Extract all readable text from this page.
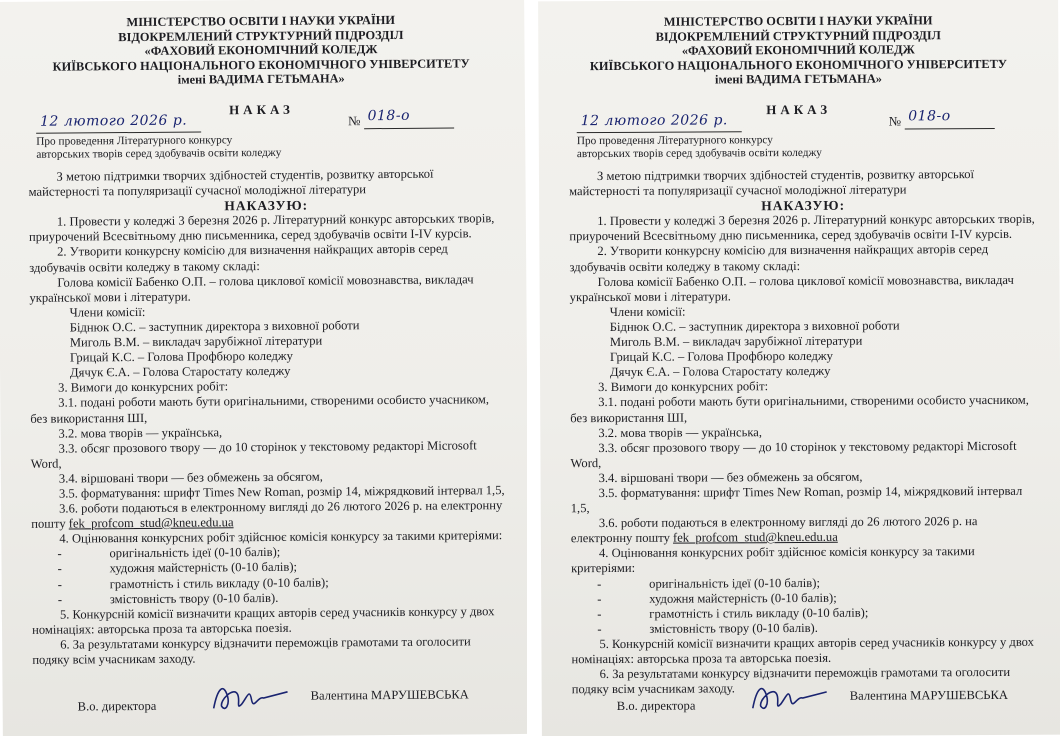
МІНІСТЕРСТВО ОСВІТИ І НАУКИ УКРАЇНИ
ВІДОКРЕМЛЕНИЙ СТРУКТУРНИЙ ПІДРОЗДІЛ
«ФАХОВИЙ ЕКОНОМІЧНИЙ КОЛЕДЖ
КИЇВСЬКОГО НАЦІОНАЛЬНОГО ЕКОНОМІЧНОГО УНІВЕРСИТЕТУ
імені ВАДИМА ГЕТЬМАНА»
НАКАЗ
12 лютого 2026 р.	№ 018-о
Про проведення Літературного конкурсу
авторських творів серед здобувачів освіти коледжу

З метою підтримки творчих здібностей студентів, розвитку авторської майстерності та популяризації сучасної молодіжної літератури

НАКАЗУЮ:

1. Провести у коледжі 3 березня 2026 р. Літературний конкурс авторських творів, приурочений Всесвітньому дню письменника, серед здобувачів освіти І-ІV курсів.

2. Утворити конкурсну комісію для визначення найкращих авторів серед здобувачів освіти коледжу в такому складі:

Голова комісії Бабенко О.П. – голова циклової комісії мовознавства, викладач української мови і літератури.

Члени комісії:

Біднюк О.С. – заступник директора з виховної роботи

Миголь В.М. – викладач зарубіжної літератури

Грицай К.С. – Голова Профбюро коледжу

Дячук Є.А. – Голова Старостату коледжу

3. Вимоги до конкурсних робіт:

3.1. подані роботи мають бути оригінальними, створеними особисто учасником, без використання ШІ,

3.2. мова творів — українська,

3.3. обсяг прозового твору — до 10 сторінок у текстовому редакторі Microsoft Word,

3.4. віршовані твори — без обмежень за обсягом,

3.5. форматування: шрифт Times New Roman, розмір 14, міжрядковий інтервал 1,5,

3.6. роботи подаються в електронному вигляді до 26 лютого 2026 р. на електронну пошту fek_profcom_stud@kneu.edu.ua

4. Оцінювання конкурсних робіт здійснює комісія конкурсу за такими критеріями:

-	оригінальність ідеї (0-10 балів);

-	художня майстерність (0-10 балів);

-	грамотність і стиль викладу (0-10 балів);

-	змістовність твору (0-10 балів).

5. Конкурсній комісії визначити кращих авторів серед учасників конкурсу у двох номінаціях: авторська проза та авторська поезія.

6. За результатами конкурсу відзначити переможців грамотами та оголосити подяку всім учасникам заходу.

В.о. директора
Валентина МАРУШЕВСЬКА
МІНІСТЕРСТВО ОСВІТИ І НАУКИ УКРАЇНИ
ВІДОКРЕМЛЕНИЙ СТРУКТУРНИЙ ПІДРОЗДІЛ
«ФАХОВИЙ ЕКОНОМІЧНИЙ КОЛЕДЖ
КИЇВСЬКОГО НАЦІОНАЛЬНОГО ЕКОНОМІЧНОГО УНІВЕРСИТЕТУ
імені ВАДИМА ГЕТЬМАНА»
НАКАЗ
12 лютого 2026 р.	№ 018-о
Про проведення Літературного конкурсу
авторських творів серед здобувачів освіти коледжу

З метою підтримки творчих здібностей студентів, розвитку авторської майстерності та популяризації сучасної молодіжної літератури

НАКАЗУЮ:

1. Провести у коледжі 3 березня 2026 р. Літературний конкурс авторських творів, приурочений Всесвітньому дню письменника, серед здобувачів освіти І-ІV курсів.

2. Утворити конкурсну комісію для визначення найкращих авторів серед здобувачів освіти коледжу в такому складі:

Голова комісії Бабенко О.П. – голова циклової комісії мовознавства, викладач української мови і літератури.

Члени комісії:

Біднюк О.С. – заступник директора з виховної роботи

Миголь В.М. – викладач зарубіжної літератури

Грицай К.С. – Голова Профбюро коледжу

Дячук Є.А. – Голова Старостату коледжу

3. Вимоги до конкурсних робіт:

3.1. подані роботи мають бути оригінальними, створеними особисто учасником, без використання ШІ,

3.2. мова творів — українська,

3.3. обсяг прозового твору — до 10 сторінок у текстовому редакторі Microsoft Word,

3.4. віршовані твори — без обмежень за обсягом,

3.5. форматування: шрифт Times New Roman, розмір 14, міжрядковий інтервал 1,5,

3.6. роботи подаються в електронному вигляді до 26 лютого 2026 р. на електронну пошту fek_profcom_stud@kneu.edu.ua

4. Оцінювання конкурсних робіт здійснює комісія конкурсу за такими критеріями:

-	оригінальність ідеї (0-10 балів);

-	художня майстерність (0-10 балів);

-	грамотність і стиль викладу (0-10 балів);

-	змістовність твору (0-10 балів).

5. Конкурсній комісії визначити кращих авторів серед учасників конкурсу у двох номінаціях: авторська проза та авторська поезія.

6. За результатами конкурсу відзначити переможців грамотами та оголосити подяку всім учасникам заходу.

В.о. директора
Валентина МАРУШЕВСЬКА
